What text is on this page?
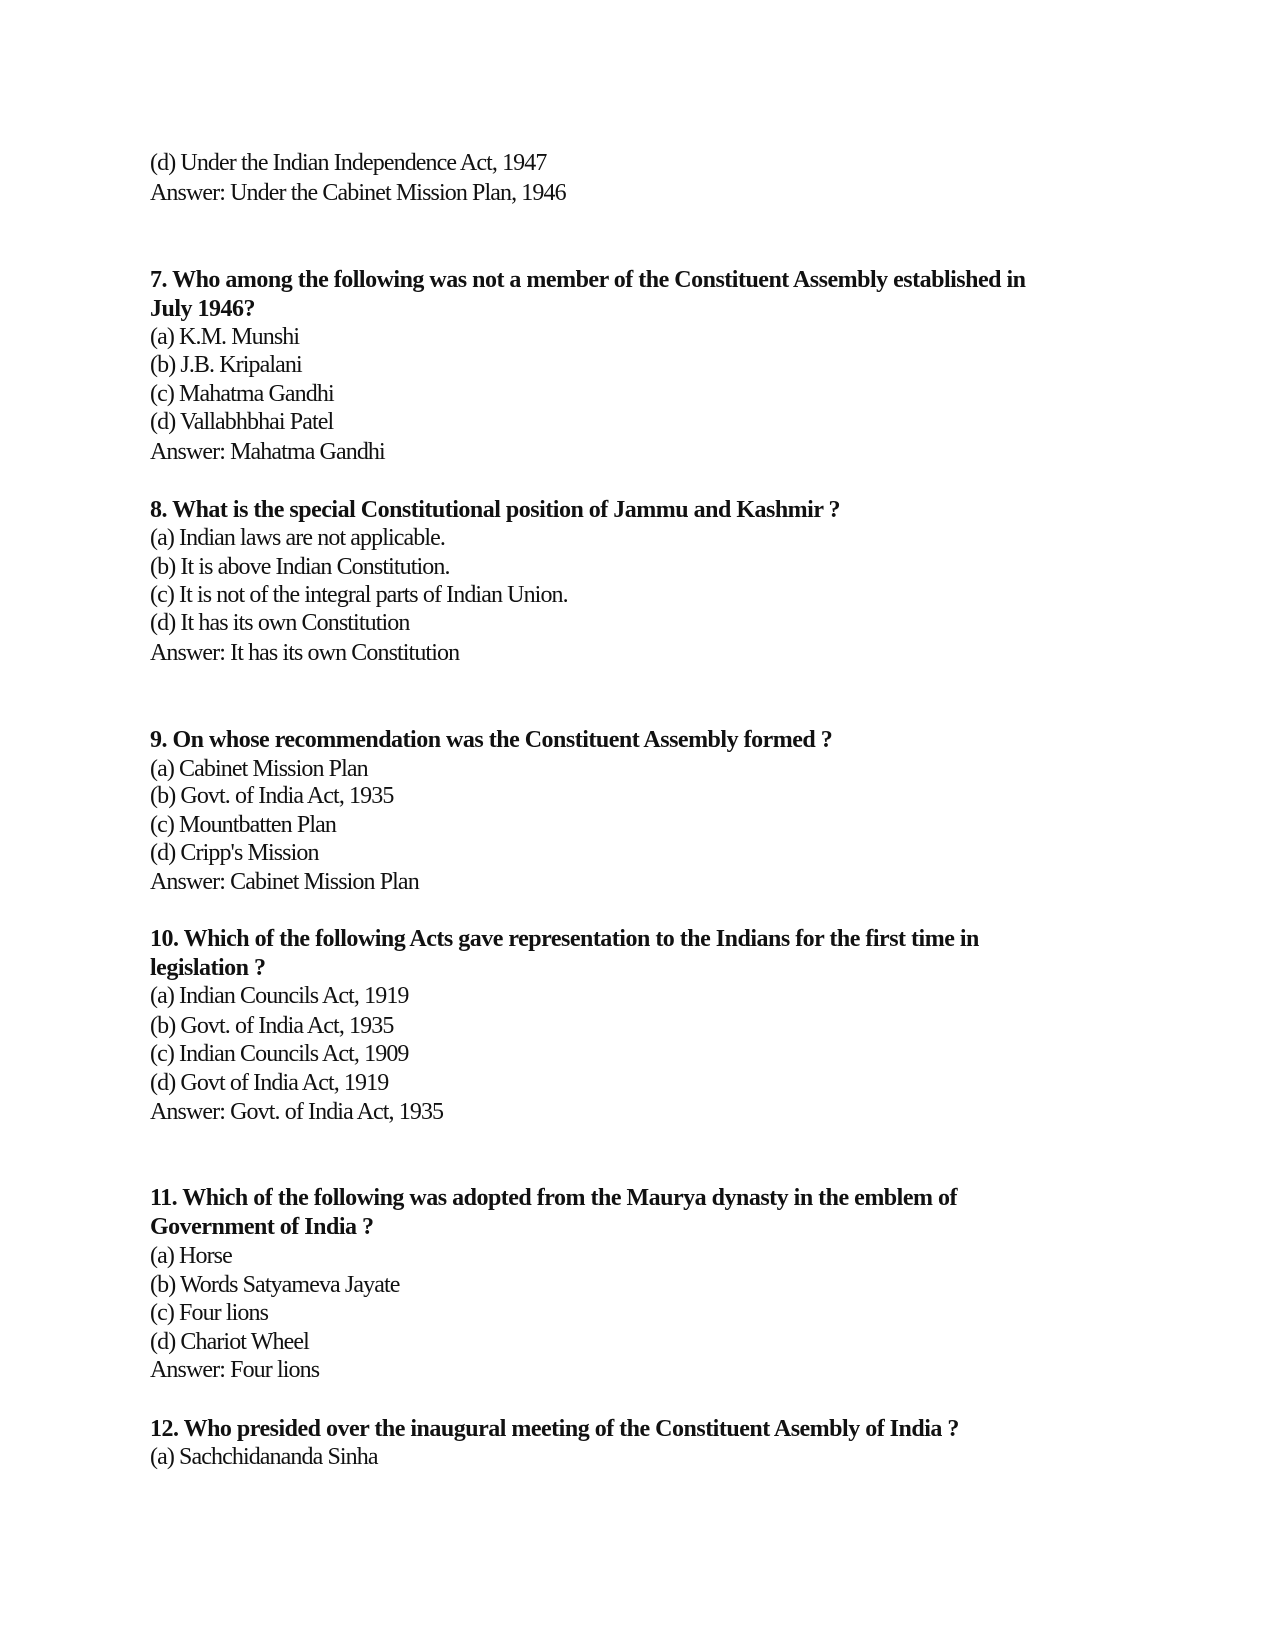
(d) Under the Indian Independence Act, 1947
Answer: Under the Cabinet Mission Plan, 1946
7. Who among the following was not a member of the Constituent Assembly established in
July 1946?
(a) K.M. Munshi
(b) J.B. Kripalani
(c) Mahatma Gandhi
(d) Vallabhbhai Patel
Answer: Mahatma Gandhi
8. What is the special Constitutional position of Jammu and Kashmir ?
(a) Indian laws are not applicable.
(b) It is above Indian Constitution.
(c) It is not of the integral parts of Indian Union.
(d) It has its own Constitution
Answer: It has its own Constitution
9. On whose recommendation was the Constituent Assembly formed ?
(a) Cabinet Mission Plan
(b) Govt. of India Act, 1935
(c) Mountbatten Plan
(d) Cripp's Mission
Answer: Cabinet Mission Plan
10. Which of the following Acts gave representation to the Indians for the first time in
legislation ?
(a) Indian Councils Act, 1919
(b) Govt. of India Act, 1935
(c) Indian Councils Act, 1909
(d) Govt of India Act, 1919
Answer: Govt. of India Act, 1935
11. Which of the following was adopted from the Maurya dynasty in the emblem of
Government of India ?
(a) Horse
(b) Words Satyameva Jayate
(c) Four lions
(d) Chariot Wheel
Answer: Four lions
12. Who presided over the inaugural meeting of the Constituent Asembly of India ?
(a) Sachchidananda Sinha
